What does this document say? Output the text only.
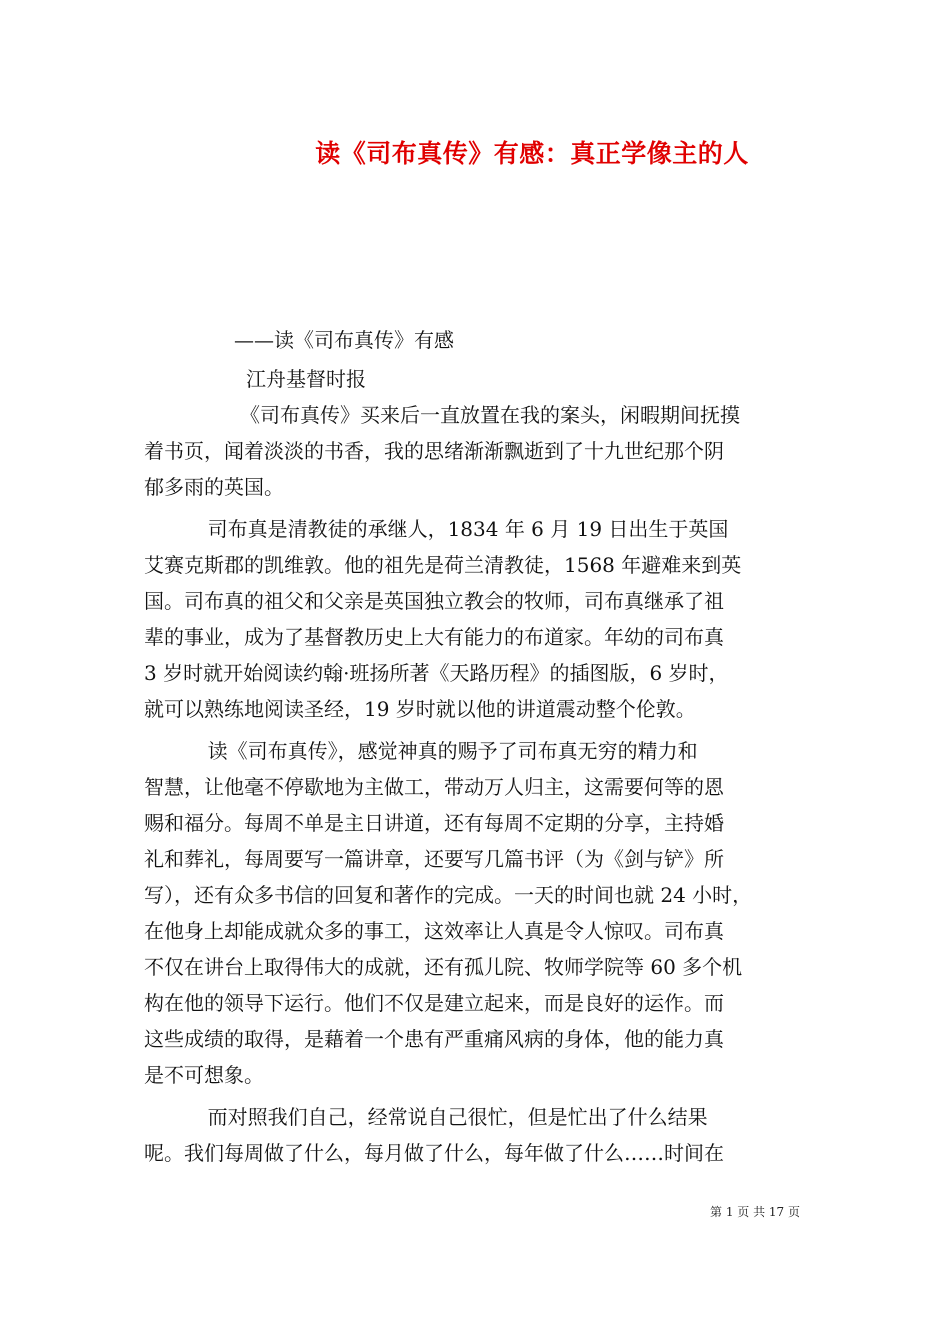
读《司布真传》有感：真正学像主的人
——读《司布真传》有感
江舟基督时报
《司布真传》买来后一直放置在我的案头，闲暇期间抚摸
着书页，闻着淡淡的书香，我的思绪渐渐飘逝到了十九世纪那个阴
郁多雨的英国。
司布真是清教徒的承继人，1834 年 6 月 19 日出生于英国
艾赛克斯郡的凯维敦。他的祖先是荷兰清教徒，1568 年避难来到英
国。司布真的祖父和父亲是英国独立教会的牧师，司布真继承了祖
辈的事业，成为了基督教历史上大有能力的布道家。年幼的司布真
3 岁时就开始阅读约翰·班扬所著《天路历程》的插图版，6 岁时，
就可以熟练地阅读圣经，19 岁时就以他的讲道震动整个伦敦。
读《司布真传》，感觉神真的赐予了司布真无穷的精力和
智慧，让他毫不停歇地为主做工，带动万人归主，这需要何等的恩
赐和福分。每周不单是主日讲道，还有每周不定期的分享，主持婚
礼和葬礼，每周要写一篇讲章，还要写几篇书评（为《剑与铲》所
写），还有众多书信的回复和著作的完成。一天的时间也就 24 小时，
在他身上却能成就众多的事工，这效率让人真是令人惊叹。司布真
不仅在讲台上取得伟大的成就，还有孤儿院、牧师学院等 60 多个机
构在他的领导下运行。他们不仅是建立起来，而是良好的运作。而
这些成绩的取得，是藉着一个患有严重痛风病的身体，他的能力真
是不可想象。
而对照我们自己，经常说自己很忙，但是忙出了什么结果
呢。我们每周做了什么，每月做了什么，每年做了什么……时间在
第 1 页 共 17 页
